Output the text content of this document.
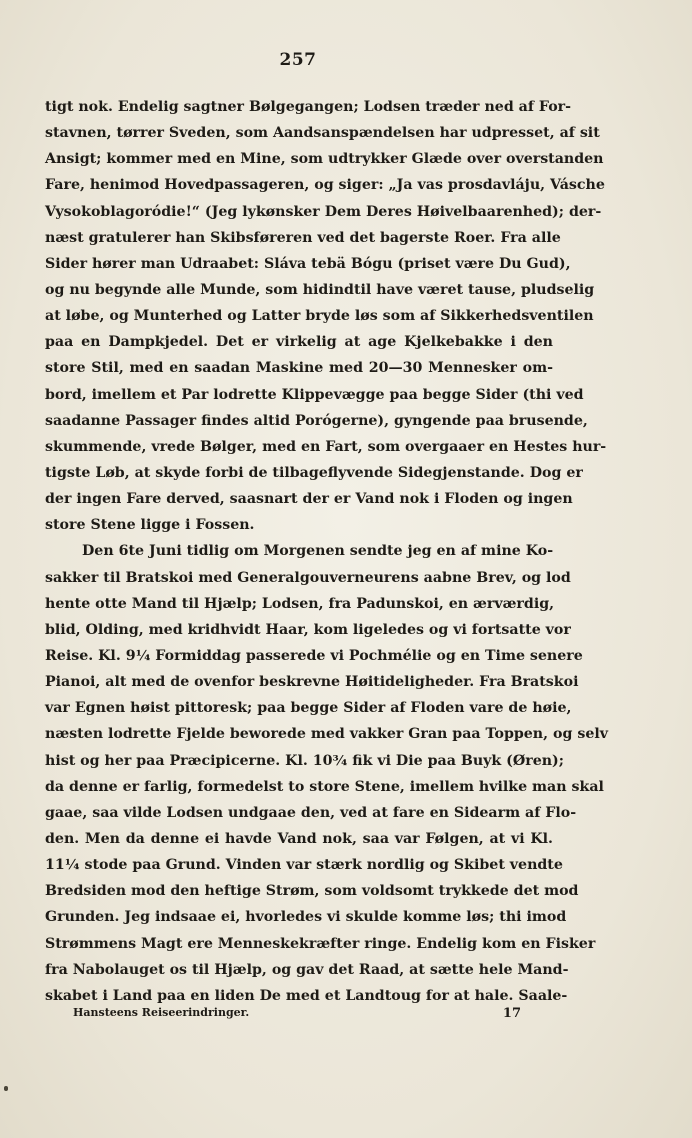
257
tigt nok. Endelig sagtner Bølgegangen; Lodsen træder ned af For-
stavnen, tørrer Sveden, som Aandsanspændelsen har udpresset, af sit
Ansigt; kommer med en Mine, som udtrykker Glæde over overstanden
Fare, henimod Hovedpassageren, og siger: „Ja vas prosdavláju, Vásche
Vysokoblagoródie!“ (Jeg lykønsker Dem Deres Høivelbaarenhed); der-
næst gratulerer han Skibsføreren ved det bagerste Roer. Fra alle
Sider hører man Udraabet: Sláva tebä Bógu (priset være Du Gud),
og nu begynde alle Munde, som hidindtil have været tause, pludselig
at løbe, og Munterhed og Latter bryde løs som af Sikkerhedsventilen
paa en Dampkjedel. Det er virkelig at age Kjelkebakke i den
store Stil, med en saadan Maskine med 20—30 Mennesker om-
bord, imellem et Par lodrette Klippevægge paa begge Sider (thi ved
saadanne Passager findes altid Porógerne), gyngende paa brusende,
skummende, vrede Bølger, med en Fart, som overgaaer en Hestes hur-
tigste Løb, at skyde forbi de tilbageflyvende Sidegjenstande. Dog er
der ingen Fare derved, saasnart der er Vand nok i Floden og ingen
store Stene ligge i Fossen.
Den 6te Juni tidlig om Morgenen sendte jeg en af mine Ko-
sakker til Bratskoi med Generalgouverneurens aabne Brev, og lod
hente otte Mand til Hjælp; Lodsen, fra Padunskoi, en ærværdig,
blid, Olding, med kridhvidt Haar, kom ligeledes og vi fortsatte vor
Reise. Kl. 9¼ Formiddag passerede vi Pochmélie og en Time senere
Pianoi, alt med de ovenfor beskrevne Høitideligheder. Fra Bratskoi
var Egnen høist pittoresk; paa begge Sider af Floden vare de høie,
næsten lodrette Fjelde beworede med vakker Gran paa Toppen, og selv
hist og her paa Præcipicerne. Kl. 10¾ fik vi Die paa Buyk (Øren);
da denne er farlig, formedelst to store Stene, imellem hvilke man skal
gaae, saa vilde Lodsen undgaae den, ved at fare en Sidearm af Flo-
den. Men da denne ei havde Vand nok, saa var Følgen, at vi Kl.
11¼ stode paa Grund. Vinden var stærk nordlig og Skibet vendte
Bredsiden mod den heftige Strøm, som voldsomt trykkede det mod
Grunden. Jeg indsaae ei, hvorledes vi skulde komme løs; thi imod
Strømmens Magt ere Menneskekræfter ringe. Endelig kom en Fisker
fra Nabolauget os til Hjælp, og gav det Raad, at sætte hele Mand-
skabet i Land paa en liden De med et Landtoug for at hale. Saale-
Hansteens Reiseerindringer.	17
